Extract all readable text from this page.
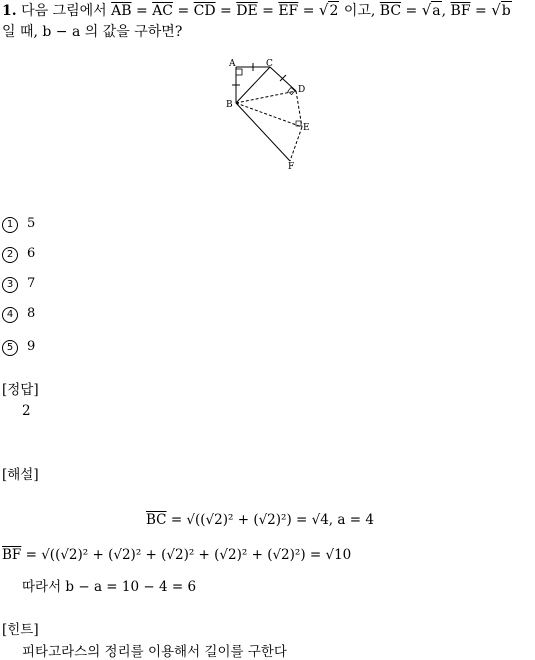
1. 다음 그림에서 $\overline{AB} = \overline{AC} = \overline{CD} = \overline{DE} = \overline{EF} = √2$ 이고, $\overline{BC} = √a$, $\overline{BF} = √b$
일 때, b − a 의 값을 구하면?
A	C
D
B
E
F
1 5
2 6
3 7
4 8
5 9
[정답]
2
[해설]
$\overline{BC} = √((√2)^2 + (√2)^2) = √4$, a = 4
$\overline{BF} = √((√2)^2 + (√2)^2 + (√2)^2 + (√2)^2 + (√2)^2) = √10$
따라서 b − a = 10 − 4 = 6
[힌트]
피타고라스의 정리를 이용해서 길이를 구한다
